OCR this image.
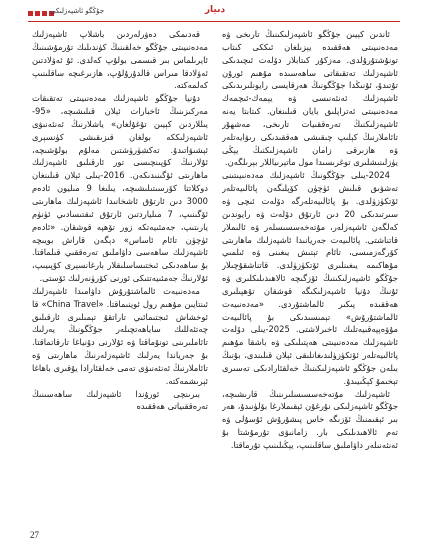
جۇڭگو ئاشپەزلىكى	دىيار

ئاندىن كېيىن جۇڭگو ئاشپەزلىكىنىڭ تارىخى ۋە مەدەنىيىتى ھەققىدە يېزىلغان ئىككى كىتاب تونۇشتۇرۇلدى. مەزكۇر كىتابلار دۆلەت ئىچىدىكى ئاشپەزلىك تەتقىقاتى ساھەسىدە مۇھىم ئورۇن تۇتىدۇ، ئۇنىڭدا جۇڭگونىڭ ھەرقايسى رايونلىرىدىكى ئاشپەزلىك ئەنئەنىسى ۋە يېمەك-ئىچمەك مەدەنىيىتى ئەتراپلىق بايان قىلىنغان. كىتابتا يەنە ئاشپەزلىكنىڭ تەرەققىيات تارىخى، مەشھۇر تائاملارنىڭ كېلىپ چىقىشى ھەققىدىكى رىۋايەتلەر ۋە ھازىرقى زامان ئاشپەزلىكنىڭ يېڭى يۈزلىنىشلىرى توغرىسىدا مول ماتېرىياللار بېرىلگەن.

2024-يىلى جۇڭگونىڭ ئاشپەزلىك مەدەنىيىتىنى تەشۋىق قىلىش ئۈچۈن كۆپلىگەن پائالىيەتلەر ئۆتكۈزۈلدى. بۇ پائالىيەتلەرگە دۆلەت ئىچى ۋە سىرتىدىكى 20 دىن ئارتۇق دۆلەت ۋە رايوندىن كەلگەن ئاشپەزلەر، مۇتەخەسسىسلەر ۋە ئالىملار قاتناشتى. پائالىيەت جەريانىدا ئاشپەزلىك ماھارىتى كۆرگەزمىسى، تائام تېتىش يىغىنى ۋە ئىلمىي مۇھاكىمە يىغىنلىرى ئۆتكۈزۈلدى. قاتناشقۇچىلار جۇڭگو ئاشپەزلىكىنىڭ ئۆزگىچە ئالاھىدىلىكلىرى ۋە ئۇنىڭ دۇنيا ئاشپەزلىكىگە قوشقان تۆھپىلىرى ھەققىدە پىكىر ئالماشتۇردى. «مەدەنىيەت ئالماشتۇرۇش» تېمىسىدىكى بۇ پائالىيەت مۇۋەپپەقىيەتلىك ئاخىرلاشتى. 2025-يىلى دۆلەت ئاشپەزلىك مەدەنىيىتى ھەپتىلىكى ۋە باشقا مۇھىم پائالىيەتلەر ئۆتكۈزۈلىدىغانلىقى ئېلان قىلىندى، بۇنىڭ بىلەن جۇڭگو ئاشپەزلىكىنىڭ خەلقئارادىكى تەسىرى تېخىمۇ كېڭىيىدۇ.

ئاشپەزلىك مۇتەخەسسىسلىرىنىڭ قارىشىچە، جۇڭگو ئاشپەزلىكى نۇرغۇن ئېقىملارغا بۆلۈنىدۇ، ھەر بىر ئېقىمنىڭ ئۆزىگە خاس پىشۇرۇش ئۇسۇلى ۋە تەم ئالاھىدىلىكى بار. زامانىۋى تۇرمۇشتا بۇ ئەنئەنىلەر داۋاملىق ساقلىنىپ، يېڭىلىنىپ تۇرماقتا.

قەدىمكى دەۋرلەردىن باشلاپ ئاشپەزلىك مەدەنىيىتى جۇڭگو خەلقىنىڭ كۈندىلىك تۇرمۇشىنىڭ ئايرىلماس بىر قىسمى بولۇپ كەلدى. ئۇ ئەۋلادتىن ئەۋلادقا مىراس قالدۇرۇلۇپ، ھازىرغىچە ساقلىنىپ كەلمەكتە.

دۇنيا جۇڭگو ئاشپەزلىك مەدەنىيىتى تەتقىقات مەركىزىنىڭ ئاخبارات ئېلان قىلىشىچە، «95-يىللاردىن كېيىن تۇغۇلغان» ياشلارنىڭ ئەنئەنىۋى ئاشپەزلىككە بولغان قىزىقىشى كۈنسېرى ئېشىۋاتىدۇ. تەكشۈرۈشتىن مەلۇم بولۇشىچە، ئۇلارنىڭ كۆپىنچىسى تور ئارقىلىق ئاشپەزلىك ماھارىتى ئۆگىنىدىكەن. 2016-يىلى ئېلان قىلىنغان دوكلاتتا كۆرسىتىلىشىچە، يىلىغا 9 مىليون ئادەم 3000 دىن ئارتۇق ئاشخانىدا ئاشپەزلىك ماھارىتى ئۆگىنىپ، 7 مىلياردتىن ئارتۇق ئىقتىسادىي ئۈنۈم يارىتىپ، جەمئىيەتكە زور تۆھپە قوشقان. «ئادەم ئۈچۈن تائام ئاساس» دېگەن قاراش بويىچە ئاشپەزلىك ساھەسى داۋاملىق تەرەققىي قىلماقتا. بۇ ساھەدىكى ئىختىساسلىقلار بارغانسېرى كۆپىيىپ، ئۇلارنىڭ جەمئىيەتتىكى ئورنى كۆرۈنەرلىك ئۆستى.

مەدەنىيەت ئالماشتۇرۇش داۋامىدا ئاشپەزلىك ئىنتايىن مۇھىم رول ئوينىماقتا. «China Travel» قا ئوخشاش ئىجتىمائىي تاراتقۇ تېمىلىرى ئارقىلىق چەتئەللىك ساياھەتچىلەر جۇڭگونىڭ يەرلىك تائاملىرىنى تونۇماقتا ۋە ئۇلارنى دۇنياغا تارقاتماقتا. بۇ جەرياندا يەرلىك ئاشپەزلەرنىڭ ماھارىتى ۋە تائاملارنىڭ ئەنئەنىۋى تەمى خەلقئارادا يۇقىرى باھاغا ئېرىشمەكتە.

بىرىنچى ئورۇندا ئاشپەزلىك ساھەسىنىڭ تەرەققىياتى ھەققىدە

27
